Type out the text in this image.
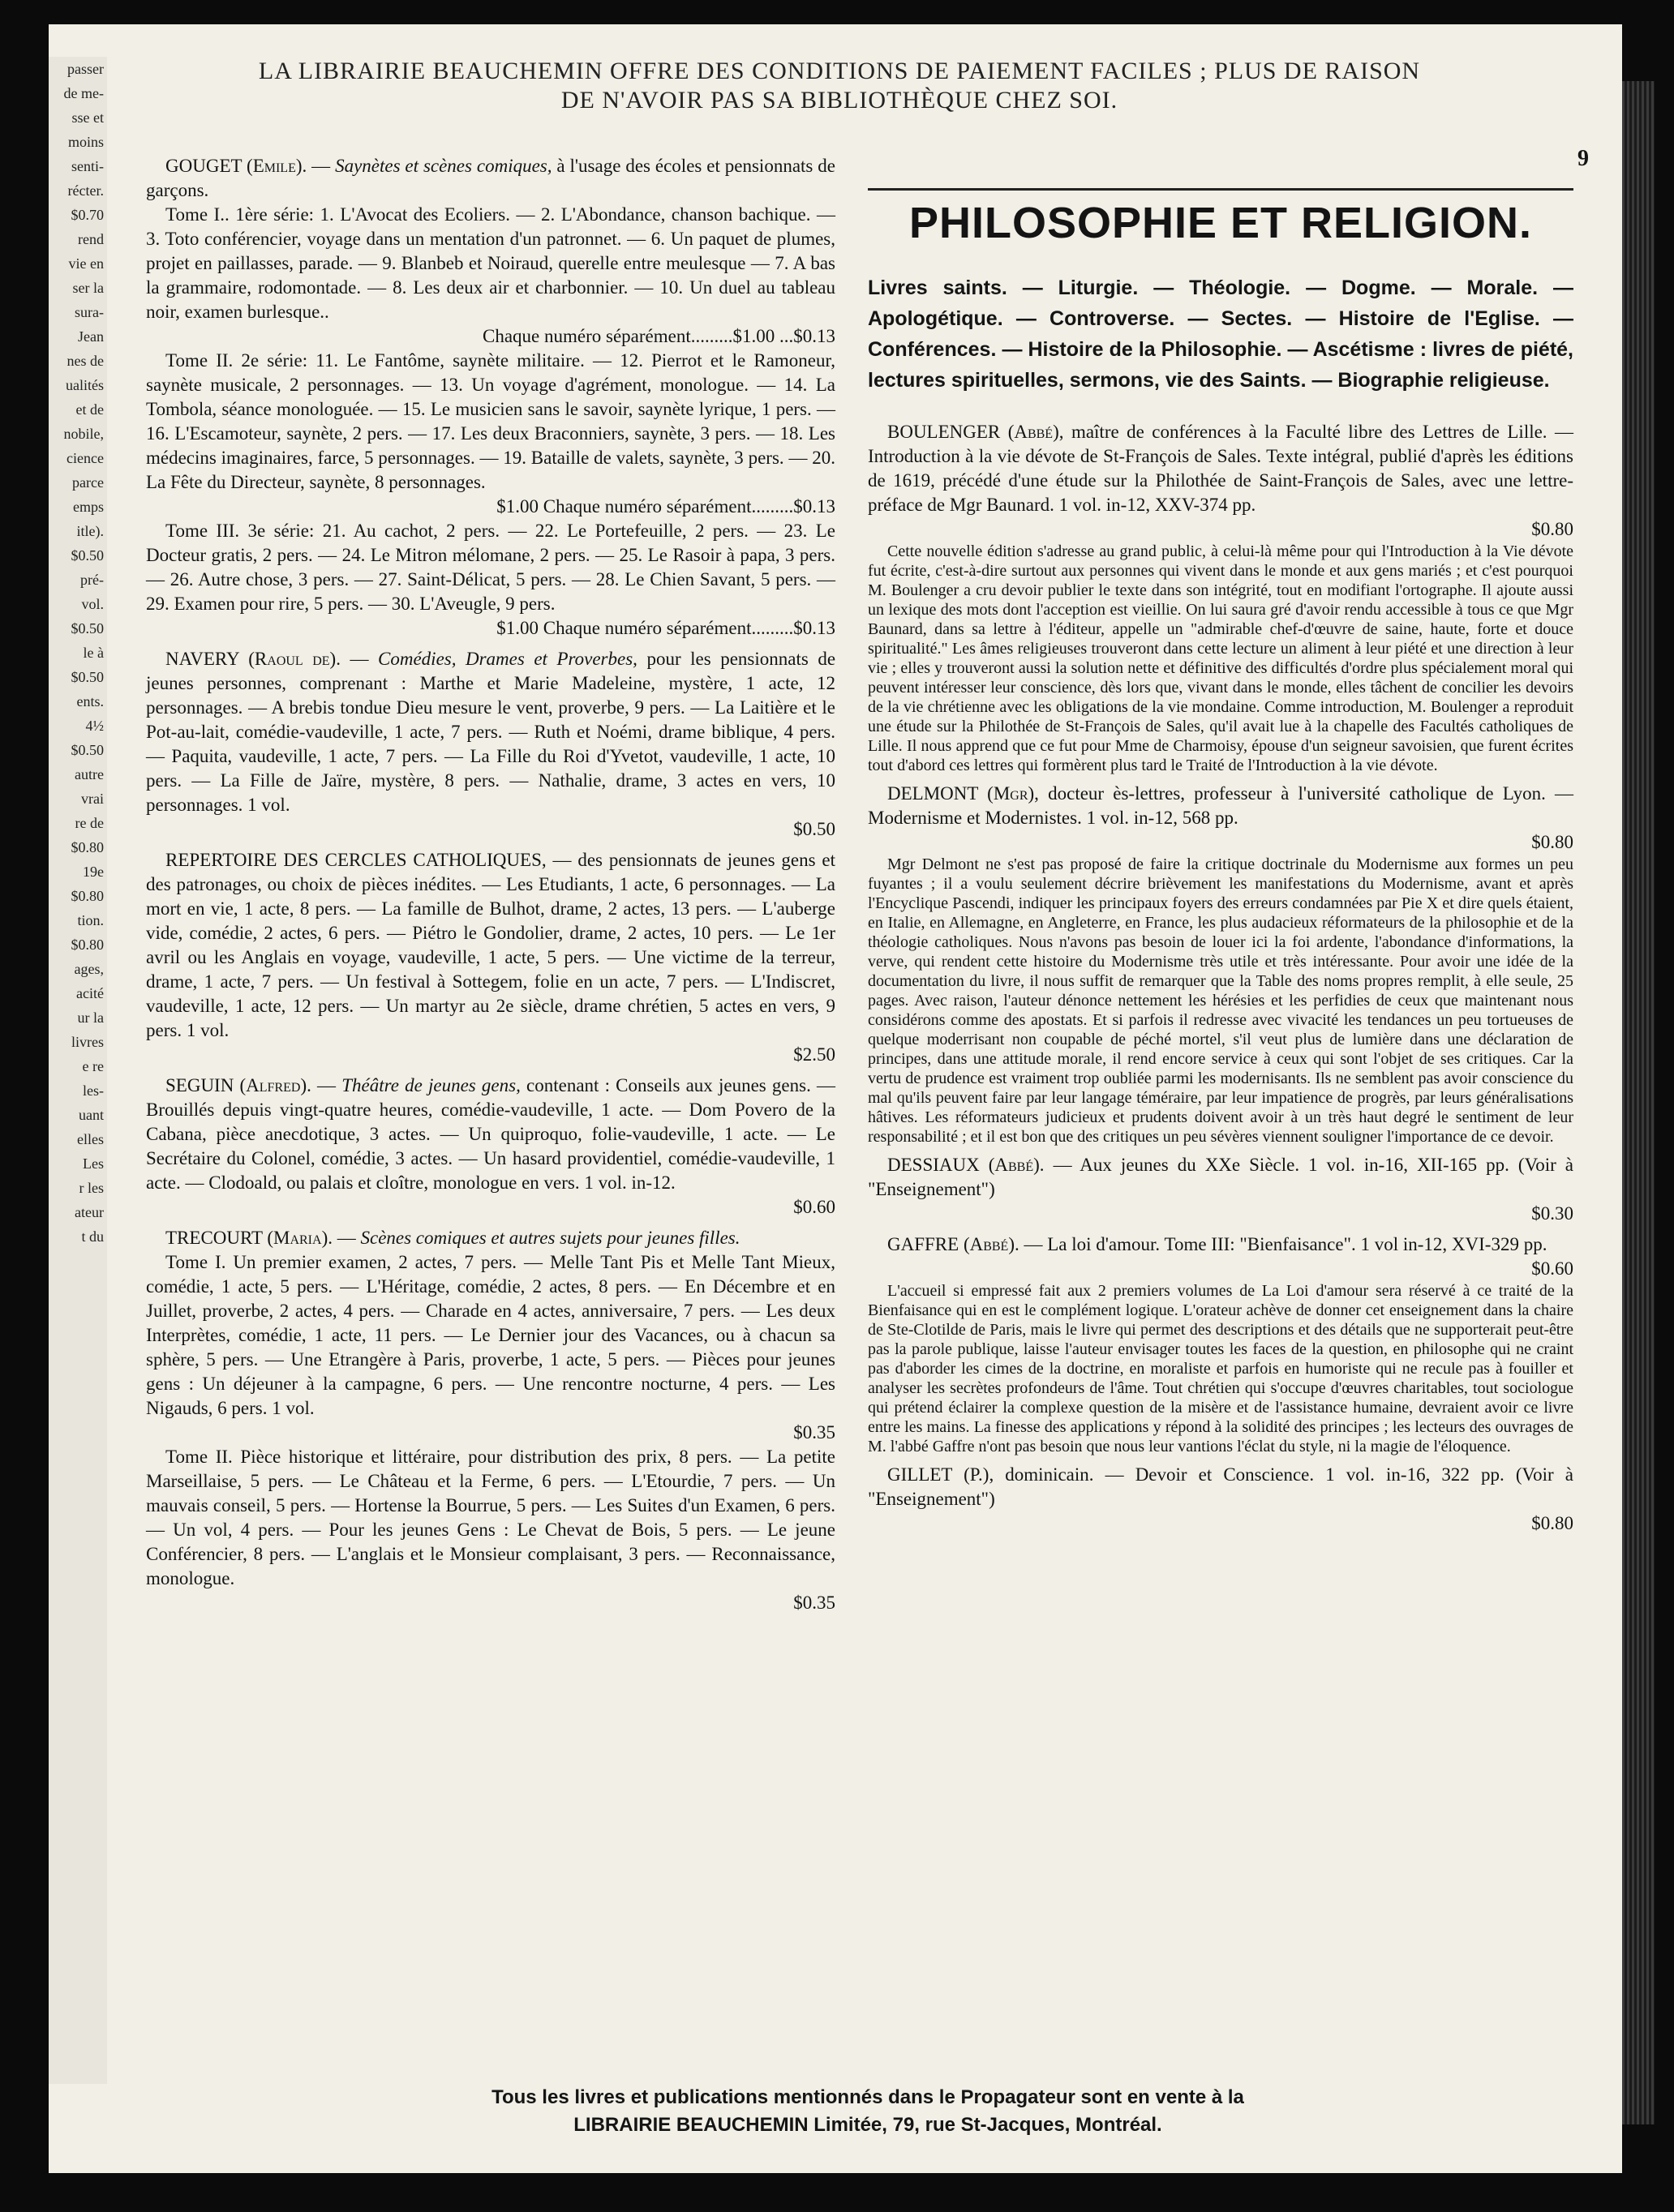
passer
de me-
sse et
moins
senti-
récter.
$0.70
rend
vie en
ser la
sura-
Jean
nes de
ualités
et de
nobile,
cience
parce
emps
itle).
$0.50
pré-
vol.
$0.50
le à
$0.50
ents.
4½
$0.50
autre
vrai
re de
$0.80
19e
$0.80
tion.
$0.80
ages,
acité
ur la
livres
e re
les-
uant
elles
Les
r les
ateur
t du
LA LIBRAIRIE BEAUCHEMIN OFFRE DES CONDITIONS DE PAIEMENT FACILES ; PLUS DE RAISON
DE N'AVOIR PAS SA BIBLIOTHÈQUE CHEZ SOI.
9

GOUGET (Emile). — Saynètes et scènes comiques, à l'usage des écoles et pensionnats de garçons.

Tome I.. 1ère série: 1. L'Avocat des Ecoliers. — 2. L'Abondance, chanson bachique. — 3. Toto conférencier, voyage dans un mentation d'un patronnet. — 6. Un paquet de plumes, projet en paillasses, parade. — 9. Blanbeb et Noiraud, querelle entre meulesque — 7. A bas la grammaire, rodomontade. — 8. Les deux air et charbonnier. — 10. Un duel au tableau noir, examen burlesque..

Chaque numéro séparément.........$1.00 ...$0.13

Tome II. 2e série: 11. Le Fantôme, saynète militaire. — 12. Pierrot et le Ramoneur, saynète musicale, 2 personnages. — 13. Un voyage d'agrément, monologue. — 14. La Tombola, séance monologuée. — 15. Le musicien sans le savoir, saynète lyrique, 1 pers. — 16. L'Escamoteur, saynète, 2 pers. — 17. Les deux Braconniers, saynète, 3 pers. — 18. Les médecins imaginaires, farce, 5 personnages. — 19. Bataille de valets, saynète, 3 pers. — 20. La Fête du Directeur, saynète, 8 personnages.

$1.00 Chaque numéro séparément.........$0.13

Tome III. 3e série: 21. Au cachot, 2 pers. — 22. Le Portefeuille, 2 pers. — 23. Le Docteur gratis, 2 pers. — 24. Le Mitron mélomane, 2 pers. — 25. Le Rasoir à papa, 3 pers. — 26. Autre chose, 3 pers. — 27. Saint-Délicat, 5 pers. — 28. Le Chien Savant, 5 pers. — 29. Examen pour rire, 5 pers. — 30. L'Aveugle, 9 pers.

$1.00 Chaque numéro séparément.........$0.13

NAVERY (Raoul de). — Comédies, Drames et Proverbes, pour les pensionnats de jeunes personnes, comprenant : Marthe et Marie Madeleine, mystère, 1 acte, 12 personnages. — A brebis tondue Dieu mesure le vent, proverbe, 9 pers. — La Laitière et le Pot-au-lait, comédie-vaudeville, 1 acte, 7 pers. — Ruth et Noémi, drame biblique, 4 pers. — Paquita, vaudeville, 1 acte, 7 pers. — La Fille du Roi d'Yvetot, vaudeville, 1 acte, 10 pers. — La Fille de Jaïre, mystère, 8 pers. — Nathalie, drame, 3 actes en vers, 10 personnages. 1 vol.

$0.50

REPERTOIRE DES CERCLES CATHOLIQUES, — des pensionnats de jeunes gens et des patronages, ou choix de pièces inédites. — Les Etudiants, 1 acte, 6 personnages. — La mort en vie, 1 acte, 8 pers. — La famille de Bulhot, drame, 2 actes, 13 pers. — L'auberge vide, comédie, 2 actes, 6 pers. — Piétro le Gondolier, drame, 2 actes, 10 pers. — Le 1er avril ou les Anglais en voyage, vaudeville, 1 acte, 5 pers. — Une victime de la terreur, drame, 1 acte, 7 pers. — Un festival à Sottegem, folie en un acte, 7 pers. — L'Indiscret, vaudeville, 1 acte, 12 pers. — Un martyr au 2e siècle, drame chrétien, 5 actes en vers, 9 pers. 1 vol.

$2.50

SEGUIN (Alfred). — Théâtre de jeunes gens, contenant : Conseils aux jeunes gens. — Brouillés depuis vingt-quatre heures, comédie-vaudeville, 1 acte. — Dom Povero de la Cabana, pièce anecdotique, 3 actes. — Un quiproquo, folie-vaudeville, 1 acte. — Le Secrétaire du Colonel, comédie, 3 actes. — Un hasard providentiel, comédie-vaudeville, 1 acte. — Clodoald, ou palais et cloître, monologue en vers. 1 vol. in-12.

$0.60

TRECOURT (Maria). — Scènes comiques et autres sujets pour jeunes filles.

Tome I. Un premier examen, 2 actes, 7 pers. — Melle Tant Pis et Melle Tant Mieux, comédie, 1 acte, 5 pers. — L'Héritage, comédie, 2 actes, 8 pers. — En Décembre et en Juillet, proverbe, 2 actes, 4 pers. — Charade en 4 actes, anniversaire, 7 pers. — Les deux Interprètes, comédie, 1 acte, 11 pers. — Le Dernier jour des Vacances, ou à chacun sa sphère, 5 pers. — Une Etrangère à Paris, proverbe, 1 acte, 5 pers. — Pièces pour jeunes gens : Un déjeuner à la campagne, 6 pers. — Une rencontre nocturne, 4 pers. — Les Nigauds, 6 pers. 1 vol.

$0.35

Tome II. Pièce historique et littéraire, pour distribution des prix, 8 pers. — La petite Marseillaise, 5 pers. — Le Château et la Ferme, 6 pers. — L'Etourdie, 7 pers. — Un mauvais conseil, 5 pers. — Hortense la Bourrue, 5 pers. — Les Suites d'un Examen, 6 pers. — Un vol, 4 pers. — Pour les jeunes Gens : Le Chevat de Bois, 5 pers. — Le jeune Conférencier, 8 pers. — L'anglais et le Monsieur complaisant, 3 pers. — Reconnaissance, monologue.

$0.35
PHILOSOPHIE ET RELIGION.
Livres saints. — Liturgie. — Théologie. — Dogme. — Morale. — Apologétique. — Controverse. — Sectes. — Histoire de l'Eglise. — Conférences. — Histoire de la Philosophie. — Ascétisme : livres de piété, lectures spirituelles, sermons, vie des Saints. — Biographie religieuse.

BOULENGER (Abbé), maître de conférences à la Faculté libre des Lettres de Lille. — Introduction à la vie dévote de St-François de Sales. Texte intégral, publié d'après les éditions de 1619, précédé d'une étude sur la Philothée de Saint-François de Sales, avec une lettre-préface de Mgr Baunard. 1 vol. in-12, XXV-374 pp.

$0.80

Cette nouvelle édition s'adresse au grand public, à celui-là même pour qui l'Introduction à la Vie dévote fut écrite, c'est-à-dire surtout aux personnes qui vivent dans le monde et aux gens mariés ; et c'est pourquoi M. Boulenger a cru devoir publier le texte dans son intégrité, tout en modifiant l'ortographe. Il ajoute aussi un lexique des mots dont l'acception est vieillie. On lui saura gré d'avoir rendu accessible à tous ce que Mgr Baunard, dans sa lettre à l'éditeur, appelle un "admirable chef-d'œuvre de saine, haute, forte et douce spiritualité." Les âmes religieuses trouveront dans cette lecture un aliment à leur piété et une direction à leur vie ; elles y trouveront aussi la solution nette et définitive des difficultés d'ordre plus spécialement moral qui peuvent intéresser leur conscience, dès lors que, vivant dans le monde, elles tâchent de concilier les devoirs de la vie chrétienne avec les obligations de la vie mondaine. Comme introduction, M. Boulenger a reproduit une étude sur la Philothée de St-François de Sales, qu'il avait lue à la chapelle des Facultés catholiques de Lille. Il nous apprend que ce fut pour Mme de Charmoisy, épouse d'un seigneur savoisien, que furent écrites tout d'abord ces lettres qui formèrent plus tard le Traité de l'Introduction à la vie dévote.

DELMONT (Mgr), docteur ès-lettres, professeur à l'université catholique de Lyon. — Modernisme et Modernistes. 1 vol. in-12, 568 pp.

$0.80

Mgr Delmont ne s'est pas proposé de faire la critique doctrinale du Modernisme aux formes un peu fuyantes ; il a voulu seulement décrire brièvement les manifestations du Modernisme, avant et après l'Encyclique Pascendi, indiquer les principaux foyers des erreurs condamnées par Pie X et dire quels étaient, en Italie, en Allemagne, en Angleterre, en France, les plus audacieux réformateurs de la philosophie et de la théologie catholiques. Nous n'avons pas besoin de louer ici la foi ardente, l'abondance d'informations, la verve, qui rendent cette histoire du Modernisme très utile et très intéressante. Pour avoir une idée de la documentation du livre, il nous suffit de remarquer que la Table des noms propres remplit, à elle seule, 25 pages. Avec raison, l'auteur dénonce nettement les hérésies et les perfidies de ceux que maintenant nous considérons comme des apostats. Et si parfois il redresse avec vivacité les tendances un peu tortueuses de quelque moderrisant non coupable de péché mortel, s'il veut plus de lumière dans une déclaration de principes, dans une attitude morale, il rend encore service à ceux qui sont l'objet de ses critiques. Car la vertu de prudence est vraiment trop oubliée parmi les modernisants. Ils ne semblent pas avoir conscience du mal qu'ils peuvent faire par leur langage téméraire, par leur impatience de progrès, par leurs généralisations hâtives. Les réformateurs judicieux et prudents doivent avoir à un très haut degré le sentiment de leur responsabilité ; et il est bon que des critiques un peu sévères viennent souligner l'importance de ce devoir.

DESSIAUX (Abbé). — Aux jeunes du XXe Siècle. 1 vol. in-16, XII-165 pp. (Voir à "Enseignement")

$0.30

GAFFRE (Abbé). — La loi d'amour. Tome III: "Bienfaisance". 1 vol in-12, XVI-329 pp.

$0.60

L'accueil si empressé fait aux 2 premiers volumes de La Loi d'amour sera réservé à ce traité de la Bienfaisance qui en est le complément logique. L'orateur achève de donner cet enseignement dans la chaire de Ste-Clotilde de Paris, mais le livre qui permet des descriptions et des détails que ne supporterait peut-être pas la parole publique, laisse l'auteur envisager toutes les faces de la question, en philosophe qui ne craint pas d'aborder les cimes de la doctrine, en moraliste et parfois en humoriste qui ne recule pas à fouiller et analyser les secrètes profondeurs de l'âme. Tout chrétien qui s'occupe d'œuvres charitables, tout sociologue qui prétend éclairer la complexe question de la misère et de l'assistance humaine, devraient avoir ce livre entre les mains. La finesse des applications y répond à la solidité des principes ; les lecteurs des ouvrages de M. l'abbé Gaffre n'ont pas besoin que nous leur vantions l'éclat du style, ni la magie de l'éloquence.

GILLET (P.), dominicain. — Devoir et Conscience. 1 vol. in-16, 322 pp. (Voir à "Enseignement")

$0.80
Tous les livres et publications mentionnés dans le Propagateur sont en vente à la
LIBRAIRIE BEAUCHEMIN Limitée, 79, rue St-Jacques, Montréal.
